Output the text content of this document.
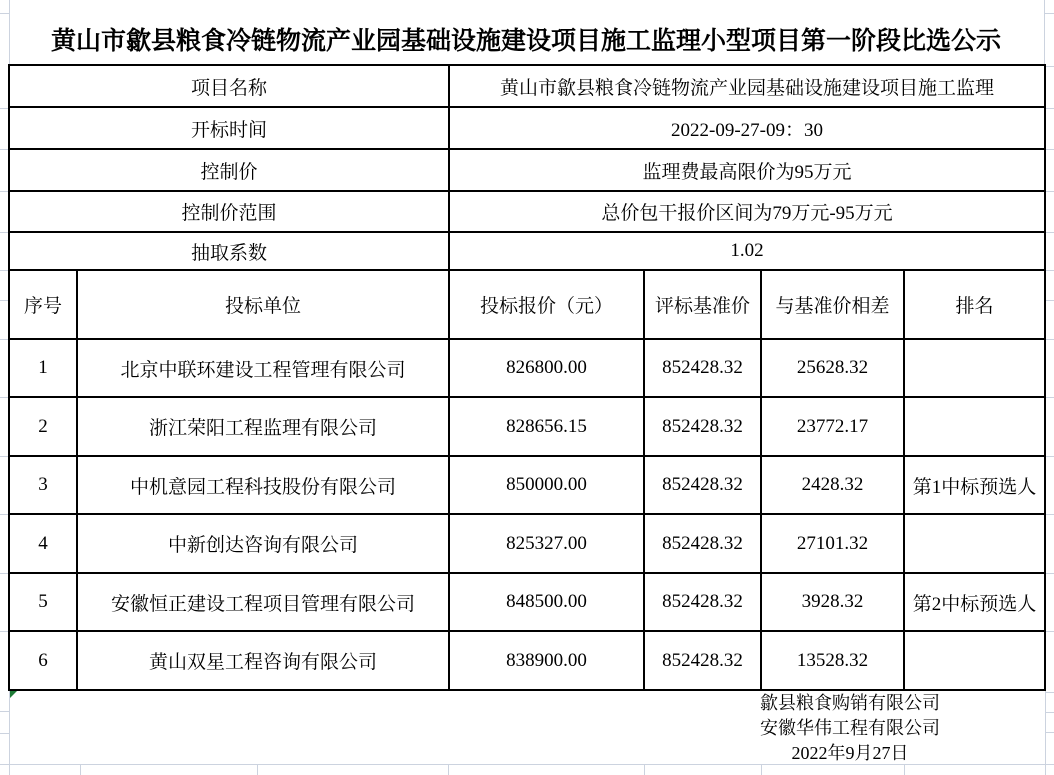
黄山市歙县粮食冷链物流产业园基础设施建设项目施工监理小型项目第一阶段比选公示
项目名称		黄山市歙县粮食冷链物流产业园基础设施建设项目施工监理			
开标时间		2022-09-27-09：30			
控制价		监理费最高限价为95万元			
控制价范围		总价包干报价区间为79万元-95万元			
抽取系数		1.02			
序号	投标单位	投标报价（元）	评标基准价	与基准价相差	排名
1	北京中联环建设工程管理有限公司	826800.00	852428.32	25628.32	
2	浙江荣阳工程监理有限公司	828656.15	852428.32	23772.17	
3	中机意园工程科技股份有限公司	850000.00	852428.32	2428.32	第1中标预选人
4	中新创达咨询有限公司	825327.00	852428.32	27101.32	
5	安徽恒正建设工程项目管理有限公司	848500.00	852428.32	3928.32	第2中标预选人
6	黄山双星工程咨询有限公司	838900.00	852428.32	13528.32	
歙县粮食购销有限公司
安徽华伟工程有限公司
2022年9月27日
